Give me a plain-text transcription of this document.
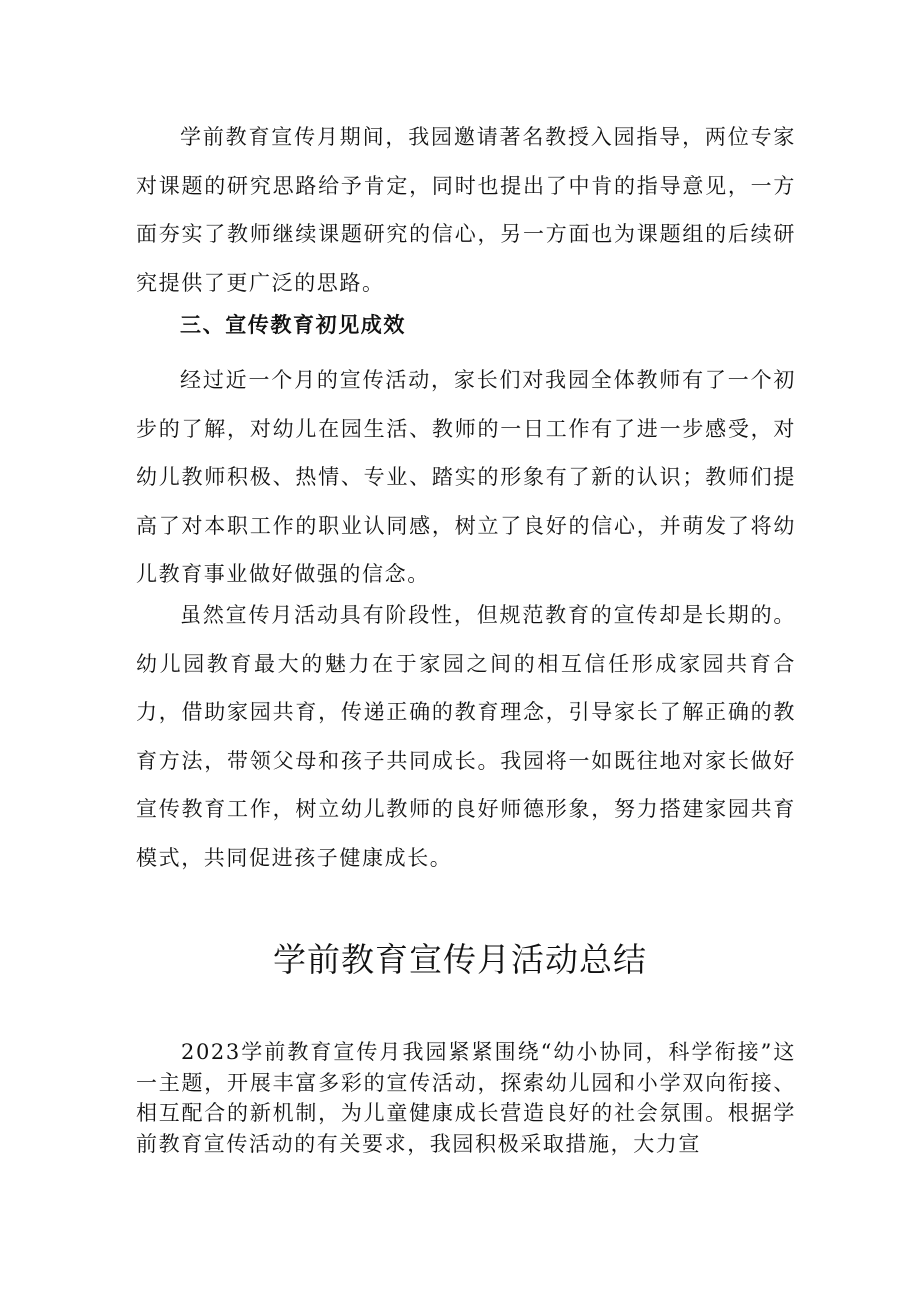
学前教育宣传月期间，我园邀请著名教授入园指导，两位专家对课题的研究思路给予肯定，同时也提出了中肯的指导意见，一方面夯实了教师继续课题研究的信心，另一方面也为课题组的后续研究提供了更广泛的思路。

三、宣传教育初见成效

经过近一个月的宣传活动，家长们对我园全体教师有了一个初步的了解，对幼儿在园生活、教师的一日工作有了进一步感受，对幼儿教师积极、热情、专业、踏实的形象有了新的认识；教师们提高了对本职工作的职业认同感，树立了良好的信心，并萌发了将幼儿教育事业做好做强的信念。

虽然宣传月活动具有阶段性，但规范教育的宣传却是长期的。幼儿园教育最大的魅力在于家园之间的相互信任形成家园共育合力，借助家园共育，传递正确的教育理念，引导家长了解正确的教育方法，带领父母和孩子共同成长。我园将一如既往地对家长做好宣传教育工作，树立幼儿教师的良好师德形象，努力搭建家园共育模式，共同促进孩子健康成长。

学前教育宣传月活动总结

2023学前教育宣传月我园紧紧围绕“幼小协同，科学衔接”这一主题，开展丰富多彩的宣传活动，探索幼儿园和小学双向衔接、相互配合的新机制，为儿童健康成长营造良好的社会氛围。根据学前教育宣传活动的有关要求，我园积极采取措施，大力宣
